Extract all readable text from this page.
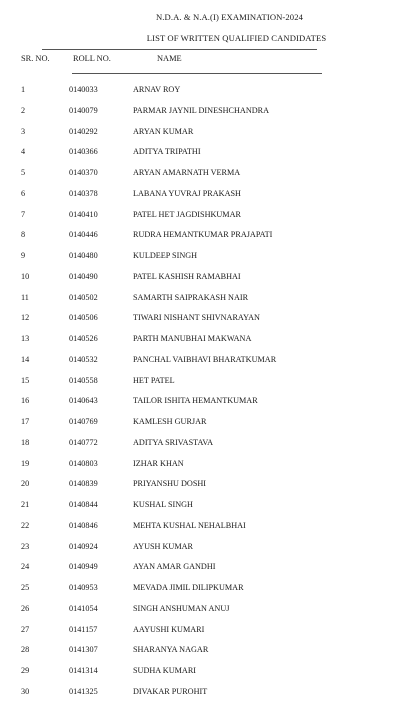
N.D.A. & N.A.(I) EXAMINATION-2024
LIST OF WRITTEN QUALIFIED CANDIDATES
SR. NO.	ROLL NO.	NAME
1	0140033	ARNAV ROY
2	0140079	PARMAR JAYNIL DINESHCHANDRA
3	0140292	ARYAN KUMAR
4	0140366	ADITYA TRIPATHI
5	0140370	ARYAN AMARNATH VERMA
6	0140378	LABANA YUVRAJ PRAKASH
7	0140410	PATEL HET JAGDISHKUMAR
8	0140446	RUDRA HEMANTKUMAR PRAJAPATI
9	0140480	KULDEEP SINGH
10	0140490	PATEL KASHISH RAMABHAI
11	0140502	SAMARTH SAIPRAKASH NAIR
12	0140506	TIWARI NISHANT SHIVNARAYAN
13	0140526	PARTH MANUBHAI MAKWANA
14	0140532	PANCHAL VAIBHAVI BHARATKUMAR
15	0140558	HET PATEL
16	0140643	TAILOR ISHITA HEMANTKUMAR
17	0140769	KAMLESH GURJAR
18	0140772	ADITYA SRIVASTAVA
19	0140803	IZHAR KHAN
20	0140839	PRIYANSHU DOSHI
21	0140844	KUSHAL SINGH
22	0140846	MEHTA KUSHAL NEHALBHAI
23	0140924	AYUSH KUMAR
24	0140949	AYAN AMAR GANDHI
25	0140953	MEVADA JIMIL DILIPKUMAR
26	0141054	SINGH ANSHUMAN ANUJ
27	0141157	AAYUSHI KUMARI
28	0141307	SHARANYA NAGAR
29	0141314	SUDHA KUMARI
30	0141325	DIVAKAR PUROHIT
